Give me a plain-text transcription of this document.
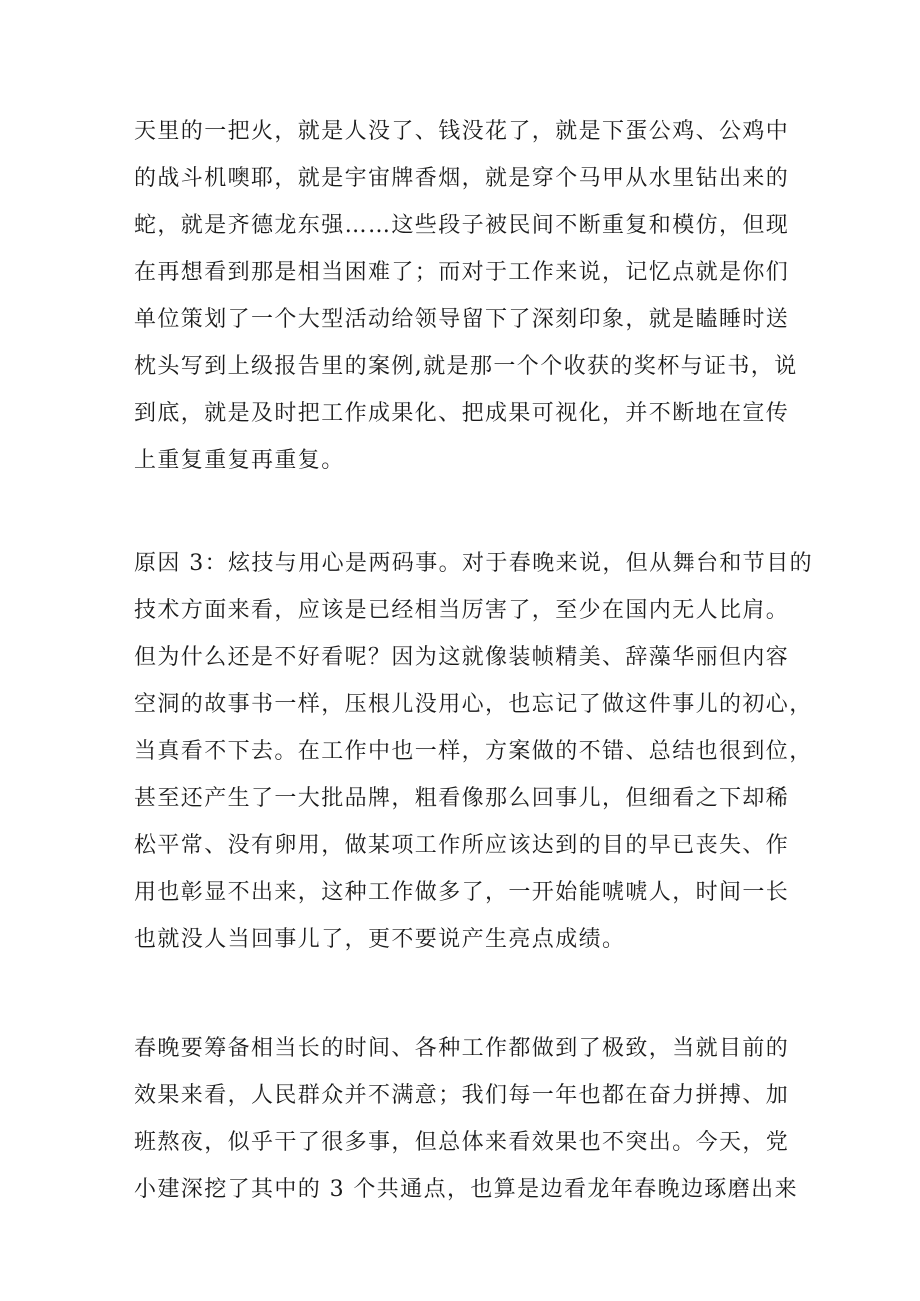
天里的一把火，就是人没了、钱没花了，就是下蛋公鸡、公鸡中
的战斗机噢耶，就是宇宙牌香烟，就是穿个马甲从水里钻出来的
蛇，就是齐德龙东强……这些段子被民间不断重复和模仿，但现
在再想看到那是相当困难了；而对于工作来说，记忆点就是你们
单位策划了一个大型活动给领导留下了深刻印象，就是瞌睡时送
枕头写到上级报告里的案例,就是那一个个收获的奖杯与证书，说
到底，就是及时把工作成果化、把成果可视化，并不断地在宣传
上重复重复再重复。
原因 3：炫技与用心是两码事。对于春晚来说，但从舞台和节目的
技术方面来看，应该是已经相当厉害了，至少在国内无人比肩。
但为什么还是不好看呢？因为这就像装帧精美、辞藻华丽但内容
空洞的故事书一样，压根儿没用心，也忘记了做这件事儿的初心，
当真看不下去。在工作中也一样，方案做的不错、总结也很到位，
甚至还产生了一大批品牌，粗看像那么回事儿，但细看之下却稀
松平常、没有卵用，做某项工作所应该达到的目的早已丧失、作
用也彰显不出来，这种工作做多了，一开始能唬唬人，时间一长
也就没人当回事儿了，更不要说产生亮点成绩。
春晚要筹备相当长的时间、各种工作都做到了极致，当就目前的
效果来看，人民群众并不满意；我们每一年也都在奋力拼搏、加
班熬夜，似乎干了很多事，但总体来看效果也不突出。今天，党
小建深挖了其中的 3 个共通点，也算是边看龙年春晚边琢磨出来
